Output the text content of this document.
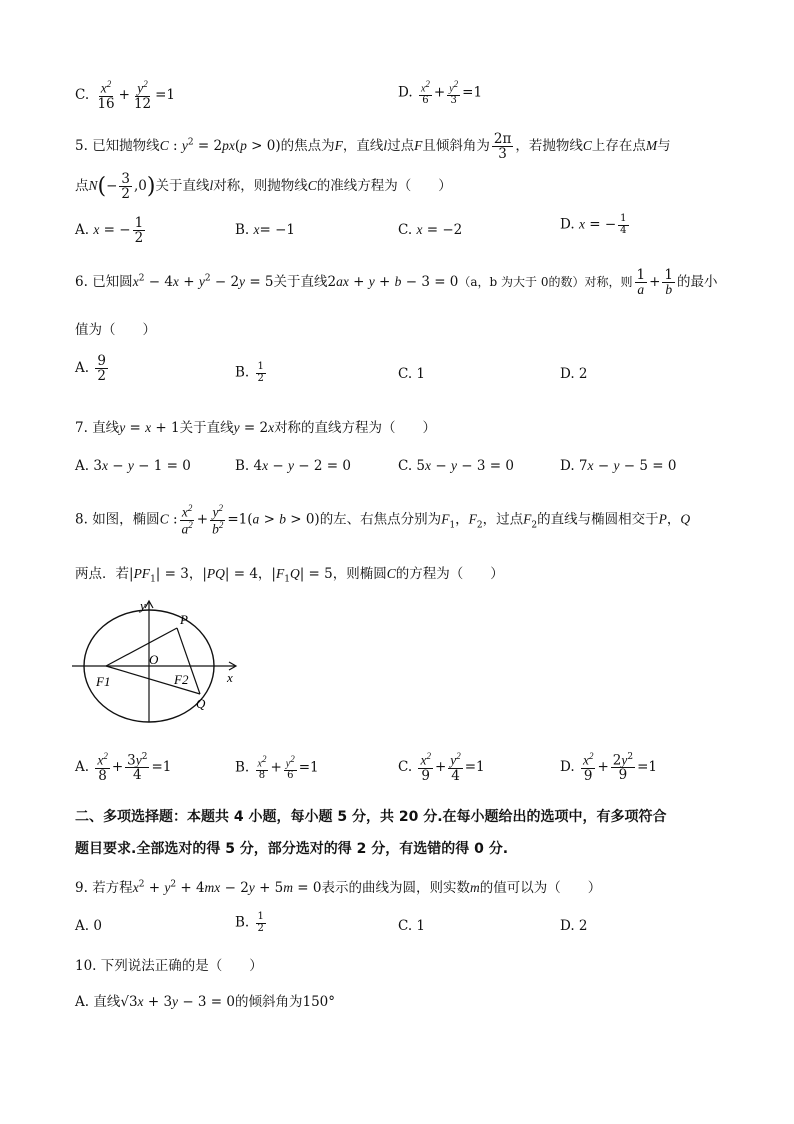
C. $\frac{x^2}{16} + \frac{y^2}{12} =1$	D. $\frac{x^2}{6} + \frac{y^2}{3} =1$
5. 已知抛物线C : $y^2 = 2px(p > 0)$的焦点为F，直线l过点F且倾斜角为 $\frac{2\pi}{3}$ ，若抛物线C上存在点M与
点$N(- \frac{3}{2} ,0)$关于直线l对称，则抛物线C的准线方程为（　　）
A. x = − $\frac{1}{2}$	B. x= −1	C. x = −2	D. x = − $\frac{1}{4}$
6. 已知圆$x^2 - 4x + y^2 - 2y = 5$关于直线2ax + y + b − 3 = 0（a，b 为大于 0的数）对称，则 $\frac{1}{a} + \frac{1}{b}$ 的最小
值为（　　）
A. $\frac{9}{2}$	B. $\frac{1}{2}$	C. 1	D. 2
7. 直线y = x + 1关于直线y = 2x对称的直线方程为（　　）
A. 3x − y − 1 = 0	B. 4x − y − 2 = 0	C. 5x − y − 3 = 0	D. 7x − y − 5 = 0
8. 如图，椭圆C : $\frac{x^2}{a^2} + \frac{y^2}{b^2} =1(a > b > 0)$的左、右焦点分别为$F_1$，$F_2$，过点$F_2$的直线与椭圆相交于P，Q
两点．若$|PF_1| = 3$，|PQ| = 4，$|F_1Q| = 5$，则椭圆C的方程为（　　）
y
x
O
P
Q
F1	F2
A. $\frac{x^2}{8} + \frac{3y^2}{4} =1$	B. $\frac{x^2}{8} + \frac{y^2}{6} =1$	C. $\frac{x^2}{9} + \frac{y^2}{4} =1$	D. $\frac{x^2}{9} + \frac{2y^2}{9} =1$
二、多项选择题：本题共 4 小题，每小题 5 分，共 20 分.在每小题给出的选项中，有多项符合
题目要求.全部选对的得 5 分，部分选对的得 2 分，有选错的得 0 分.
9. 若方程$x^2 + y^2 + 4mx - 2y + 5m = 0$表示的曲线为圆，则实数m的值可以为（　　）
A. 0	B. $\frac{1}{2}$	C. 1	D. 2
10. 下列说法正确的是（　　）
A. 直线√3x + 3y − 3 = 0的倾斜角为150°
